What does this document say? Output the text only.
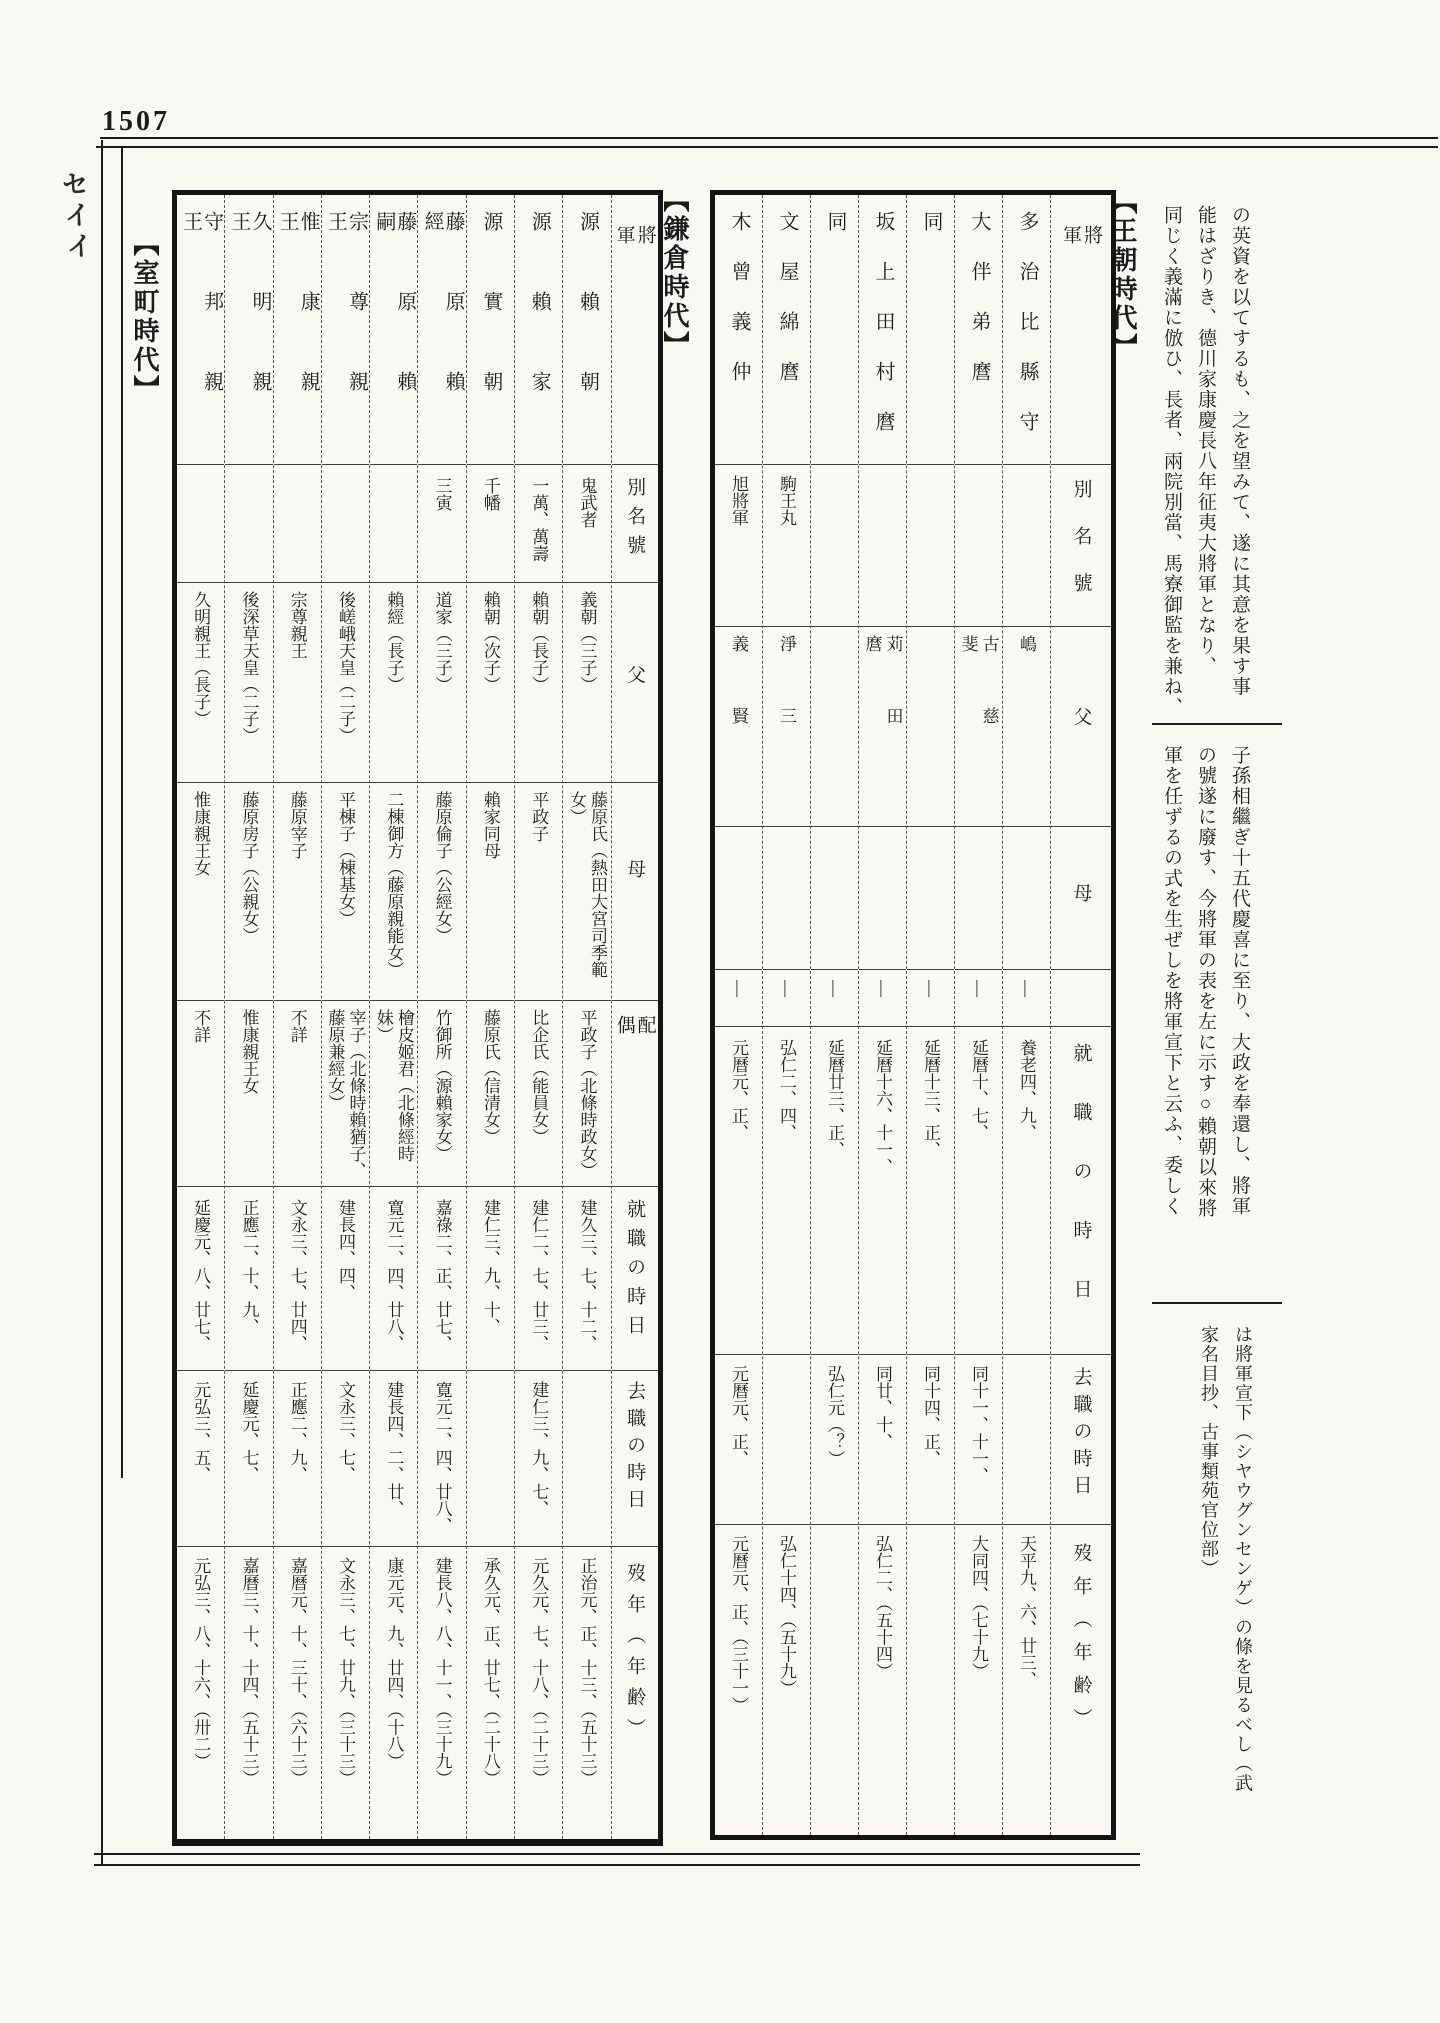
1507
セイイ	【王朝時代】
【鎌倉時代】
【室町時代】	の英資を以てするも、之を望みて、遂に其意を果す事
能はざりき、德川家康慶長八年征夷大將軍となり、
同じく義滿に倣ひ、長者、兩院別當、馬寮御監を兼ね、
子孫相繼ぎ十五代慶喜に至り、大政を奉還し、將軍
の號遂に廢す、今將軍の表を左に示す○賴朝以來將
軍を任ずるの式を生ぜしを將軍宣下と云ふ、委しく
は將軍宣下（シヤウグンセンゲ）の條を見るべし（武
家名目抄、古事類苑官位部）
將軍
別名號
父
母
就職の時日
去職の時日
歿年（年齢）
多治比縣守
嶋
—
養老四、九、
天平九、六、廿三、
大伴弟麿
古慈斐
—
延曆十、七、
同十一、十一、
大同四、（七十九）
同
—
延曆十三、正、
同十四、正、
坂上田村麿
苅田麿
—
延曆十六、十一、
同廿、十、
弘仁二、（五十四）
同
—
延曆廿三、正、
弘仁元（？）
文屋綿麿
駒王丸
淨三
—
弘仁二、四、
弘仁十四、（五十九）
木曾義仲
旭將軍
義賢
—
元曆元、正、
元曆元、正、
元曆元、正、（三十一）
將軍
別名號
父
母
配偶
就職の時日
去職の時日
歿年（年齢）
源賴朝
鬼武者
義朝（三子）
藤原氏（熱田大宮司季範女）
平政子（北條時政女）
建久三、七、十二、
正治元、正、十三、（五十三）
源賴家
一萬、萬壽
賴朝（長子）
平政子
比企氏（能員女）
建仁二、七、廿三、
建仁三、九、七、
元久元、七、十八、（二十三）
源實朝
千幡
賴朝（次子）
賴家同母
藤原氏（信清女）
建仁三、九、十、
承久元、正、廿七、（二十八）
藤原賴經
三寅
道家（三子）
藤原倫子（公經女）
竹御所（源賴家女）
嘉祿二、正、廿七、
寛元二、四、廿八、
建長八、八、十一、（三十九）
藤原賴嗣
賴經（長子）
二棟御方（藤原親能女）
檜皮姬君（北條經時妹）
寛元二、四、廿八、
建長四、二、廿、
康元元、九、廿四、（十八）
宗尊親王
後嵯峨天皇（二子）
平棟子（棟基女）
宰子（北條時賴猶子、藤原兼經女）
建長四、四、
文永三、七、
文永三、七、廿九、（三十三）
惟康親王
宗尊親王
藤原宰子
不詳
文永三、七、廿四、
正應二、九、
嘉曆元、十、三十、（六十三）
久明親王
後深草天皇（二子）
藤原房子（公親女）
惟康親王女
正應二、十、九、
延慶元、七、
嘉曆三、十、十四、（五十三）
守邦親王
久明親王（長子）
惟康親王女
不詳
延慶元、八、廿七、
元弘三、五、
元弘三、八、十六、（卅二）
